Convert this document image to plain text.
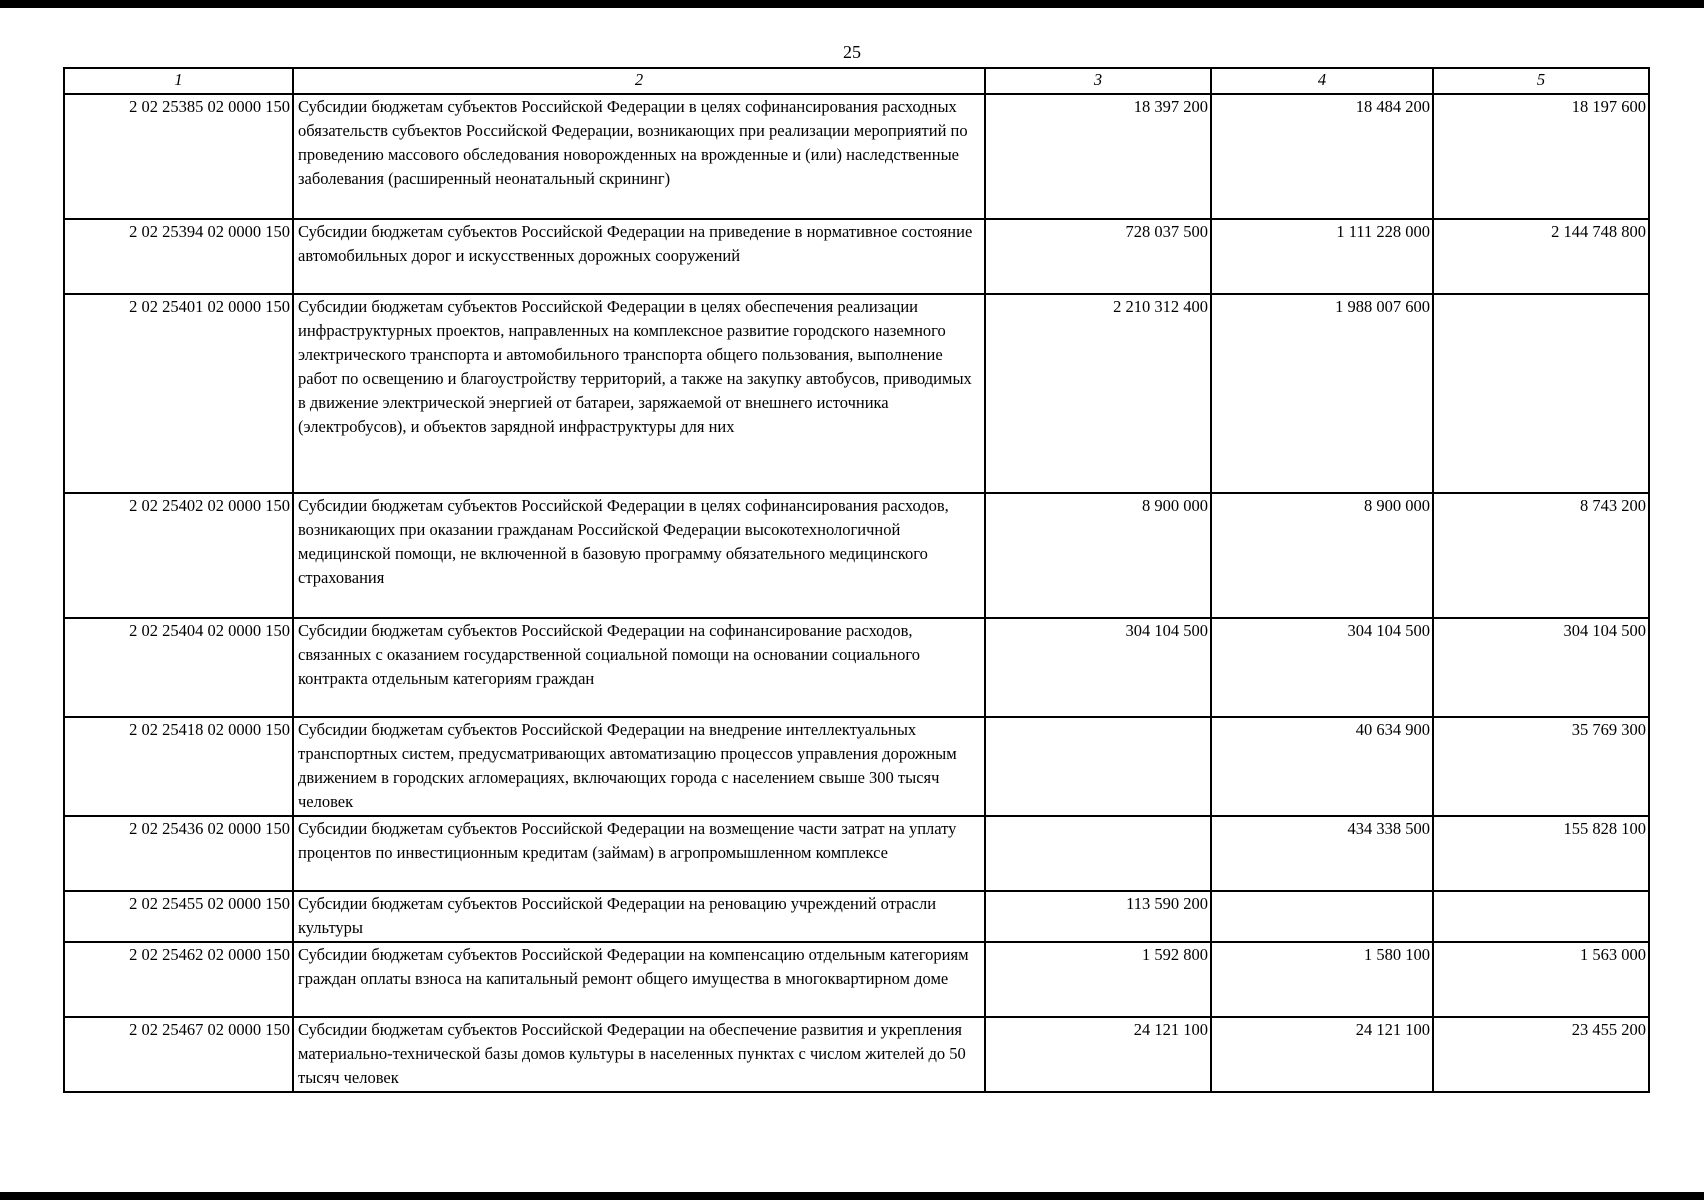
25
1	2	3	4	5
2 02 25385 02 0000 150	Субсидии бюджетам субъектов Российской Федерации в целях софинансирования расходных обязательств субъектов Российской Федерации, возникающих при реализации мероприятий по проведению массового обследования новорожденных на врожденные и (или) наследственные заболевания (расширенный неонатальный скрининг)	18 397 200	18 484 200	18 197 600
2 02 25394 02 0000 150	Субсидии бюджетам субъектов Российской Федерации на приведение в нормативное состояние автомобильных дорог и искусственных дорожных сооружений	728 037 500	1 111 228 000	2 144 748 800
2 02 25401 02 0000 150	Субсидии бюджетам субъектов Российской Федерации в целях обеспечения реализации инфраструктурных проектов, направленных на комплексное развитие городского наземного электрического транспорта и автомобильного транспорта общего пользования, выполнение работ по освещению и благоустройству территорий, а также на закупку автобусов, приводимых в движение электрической энергией от батареи, заряжаемой от внешнего источника (электробусов), и объектов зарядной инфраструктуры для них	2 210 312 400	1 988 007 600	
2 02 25402 02 0000 150	Субсидии бюджетам субъектов Российской Федерации в целях софинансирования расходов, возникающих при оказании гражданам Российской Федерации высокотехнологичной медицинской помощи, не включенной в базовую программу обязательного медицинского страхования	8 900 000	8 900 000	8 743 200
2 02 25404 02 0000 150	Субсидии бюджетам субъектов Российской Федерации на софинансирование расходов, связанных с оказанием государственной социальной помощи на основании социального контракта отдельным категориям граждан	304 104 500	304 104 500	304 104 500
2 02 25418 02 0000 150	Субсидии бюджетам субъектов Российской Федерации на внедрение интеллектуальных транспортных систем, предусматривающих автоматизацию процессов управления дорожным движением в городских агломерациях, включающих города с населением свыше 300 тысяч человек		40 634 900	35 769 300
2 02 25436 02 0000 150	Субсидии бюджетам субъектов Российской Федерации на возмещение части затрат на уплату процентов по инвестиционным кредитам (займам) в агропромышленном комплексе		434 338 500	155 828 100
2 02 25455 02 0000 150	Субсидии бюджетам субъектов Российской Федерации на реновацию учреждений отрасли культуры	113 590 200		
2 02 25462 02 0000 150	Субсидии бюджетам субъектов Российской Федерации на компенсацию отдельным категориям граждан оплаты взноса на капитальный ремонт общего имущества в многоквартирном доме	1 592 800	1 580 100	1 563 000
2 02 25467 02 0000 150	Субсидии бюджетам субъектов Российской Федерации на обеспечение развития и укрепления материально-технической базы домов культуры в населенных пунктах с числом жителей до 50 тысяч человек	24 121 100	24 121 100	23 455 200
